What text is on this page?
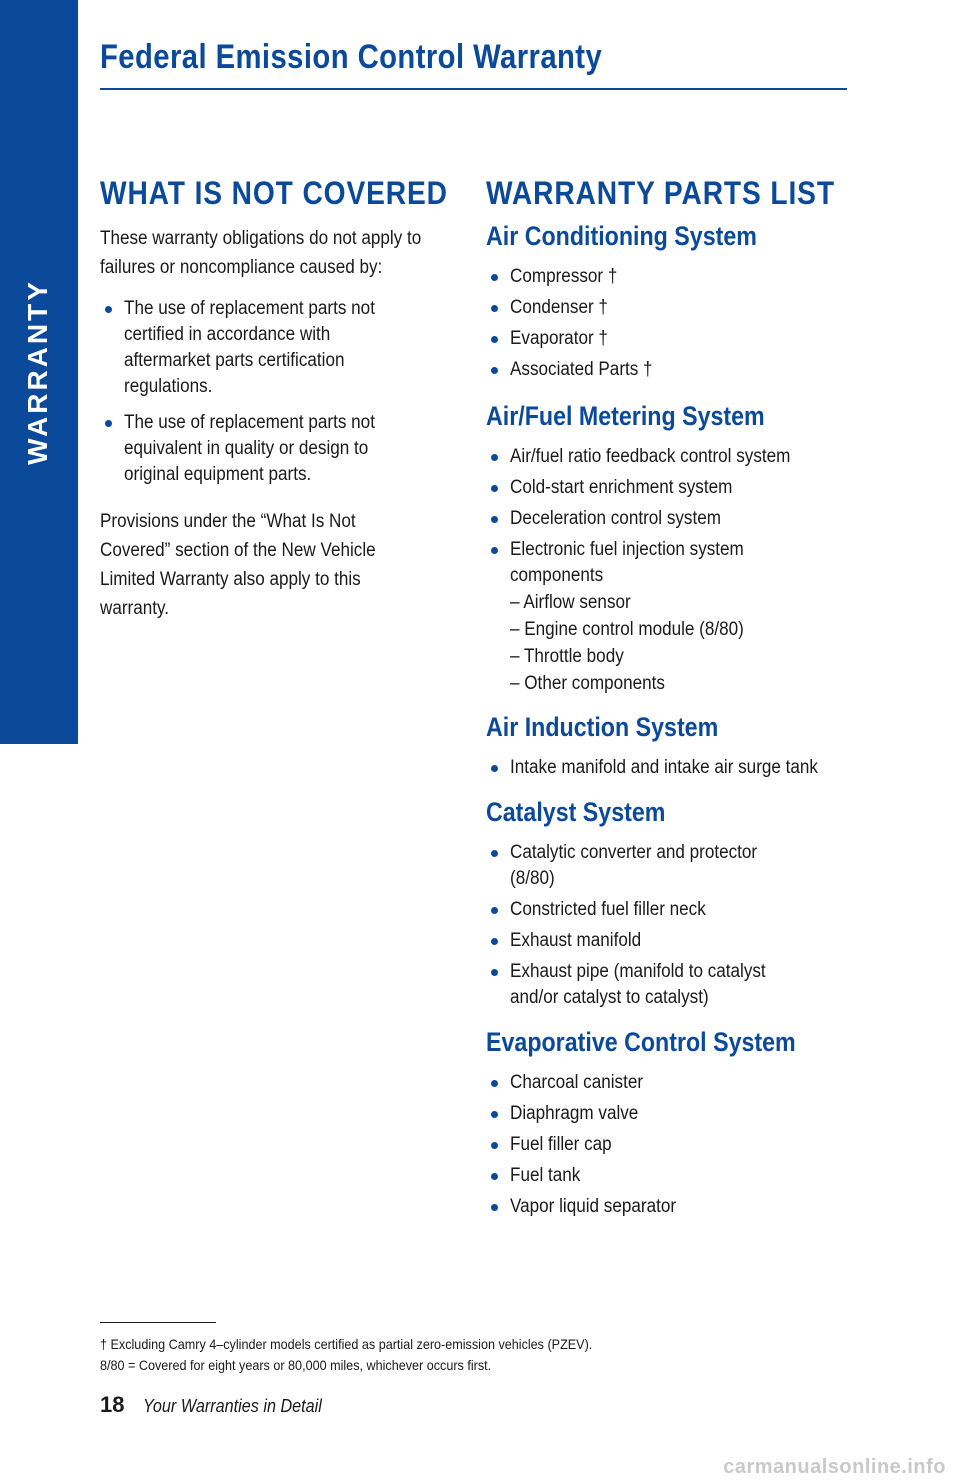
WARRANTY
Federal Emission Control Warranty
WHAT IS NOT COVERED
These warranty obligations do not apply to
failures or noncompliance caused by:
The use of replacement parts not certified in accordance with aftermarket parts certification regulations.
The use of replacement parts not equivalent in quality or design to original equipment parts.
Provisions under the “What Is Not
Covered” section of the New Vehicle
Limited Warranty also apply to this
warranty.
WARRANTY PARTS LIST
Air Conditioning System
Compressor †
Condenser †
Evaporator †
Associated Parts †
Air/Fuel Metering System
Air/fuel ratio feedback control system
Cold-start enrichment system
Deceleration control system
Electronic fuel injection system components
– Airflow sensor
– Engine control module (8/80)
– Throttle body
– Other components
Air Induction System
Intake manifold and intake air surge tank
Catalyst System
Catalytic converter and protector (8/80)
Constricted fuel filler neck
Exhaust manifold
Exhaust pipe (manifold to catalyst and/or catalyst to catalyst)
Evaporative Control System
Charcoal canister
Diaphragm valve
Fuel filler cap
Fuel tank
Vapor liquid separator
† Excluding Camry 4–cylinder models certified as partial zero-emission vehicles (PZEV).
8/80 = Covered for eight years or 80,000 miles, whichever occurs first.
18 Your Warranties in Detail
carmanualsonline.info
